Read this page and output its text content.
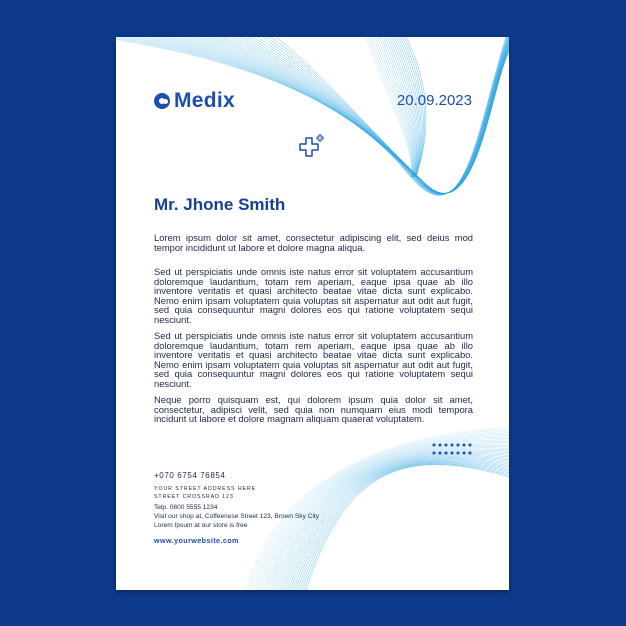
Medix	20.09.2023
Mr. Jhone Smith

Lorem ipsum dolor sit amet, consectetur adipiscing elit, sed deius mod tempor incididunt ut labore et dolore magna aliqua.

Sed ut perspiciatis unde omnis iste natus error sit voluptatem accusantium doloremque laudantium, totam rem aperiam, eaque ipsa quae ab illo inventore veritatis et quasi architecto beatae vitae dicta sunt explicabo. Nemo enim ipsam voluptatem quia voluptas sit aspernatur aut odit aut fugit, sed quia consequuntur magni dolores eos qui ratione voluptatem sequi nesciunt.

Sed ut perspiciatis unde omnis iste natus error sit voluptatem accusantium doloremque laudantium, totam rem aperiam, eaque ipsa quae ab illo inventore veritatis et quasi architecto beatae vitae dicta sunt explicabo. Nemo enim ipsam voluptatem quia voluptas sit aspernatur aut odit aut fugit, sed quia consequuntur magni dolores eos qui ratione voluptatem sequi nesciunt.

Neque porro quisquam est, qui dolorem ipsum quia dolor sit amet, consectetur, adipisci velit, sed quia non numquam eius modi tempora incidunt ut labore et dolore magnam aliquam quaerat voluptatem.

+070 6754 76854
YOUR STREET ADDRESS HERE
STREET CROSSRAD 123
Telp. 0800 5555 1234
Visit our shop at, Coffeenese Street 123, Brown Sky City
Lorem Ipsum at our store is free
www.yourwebsite.com
